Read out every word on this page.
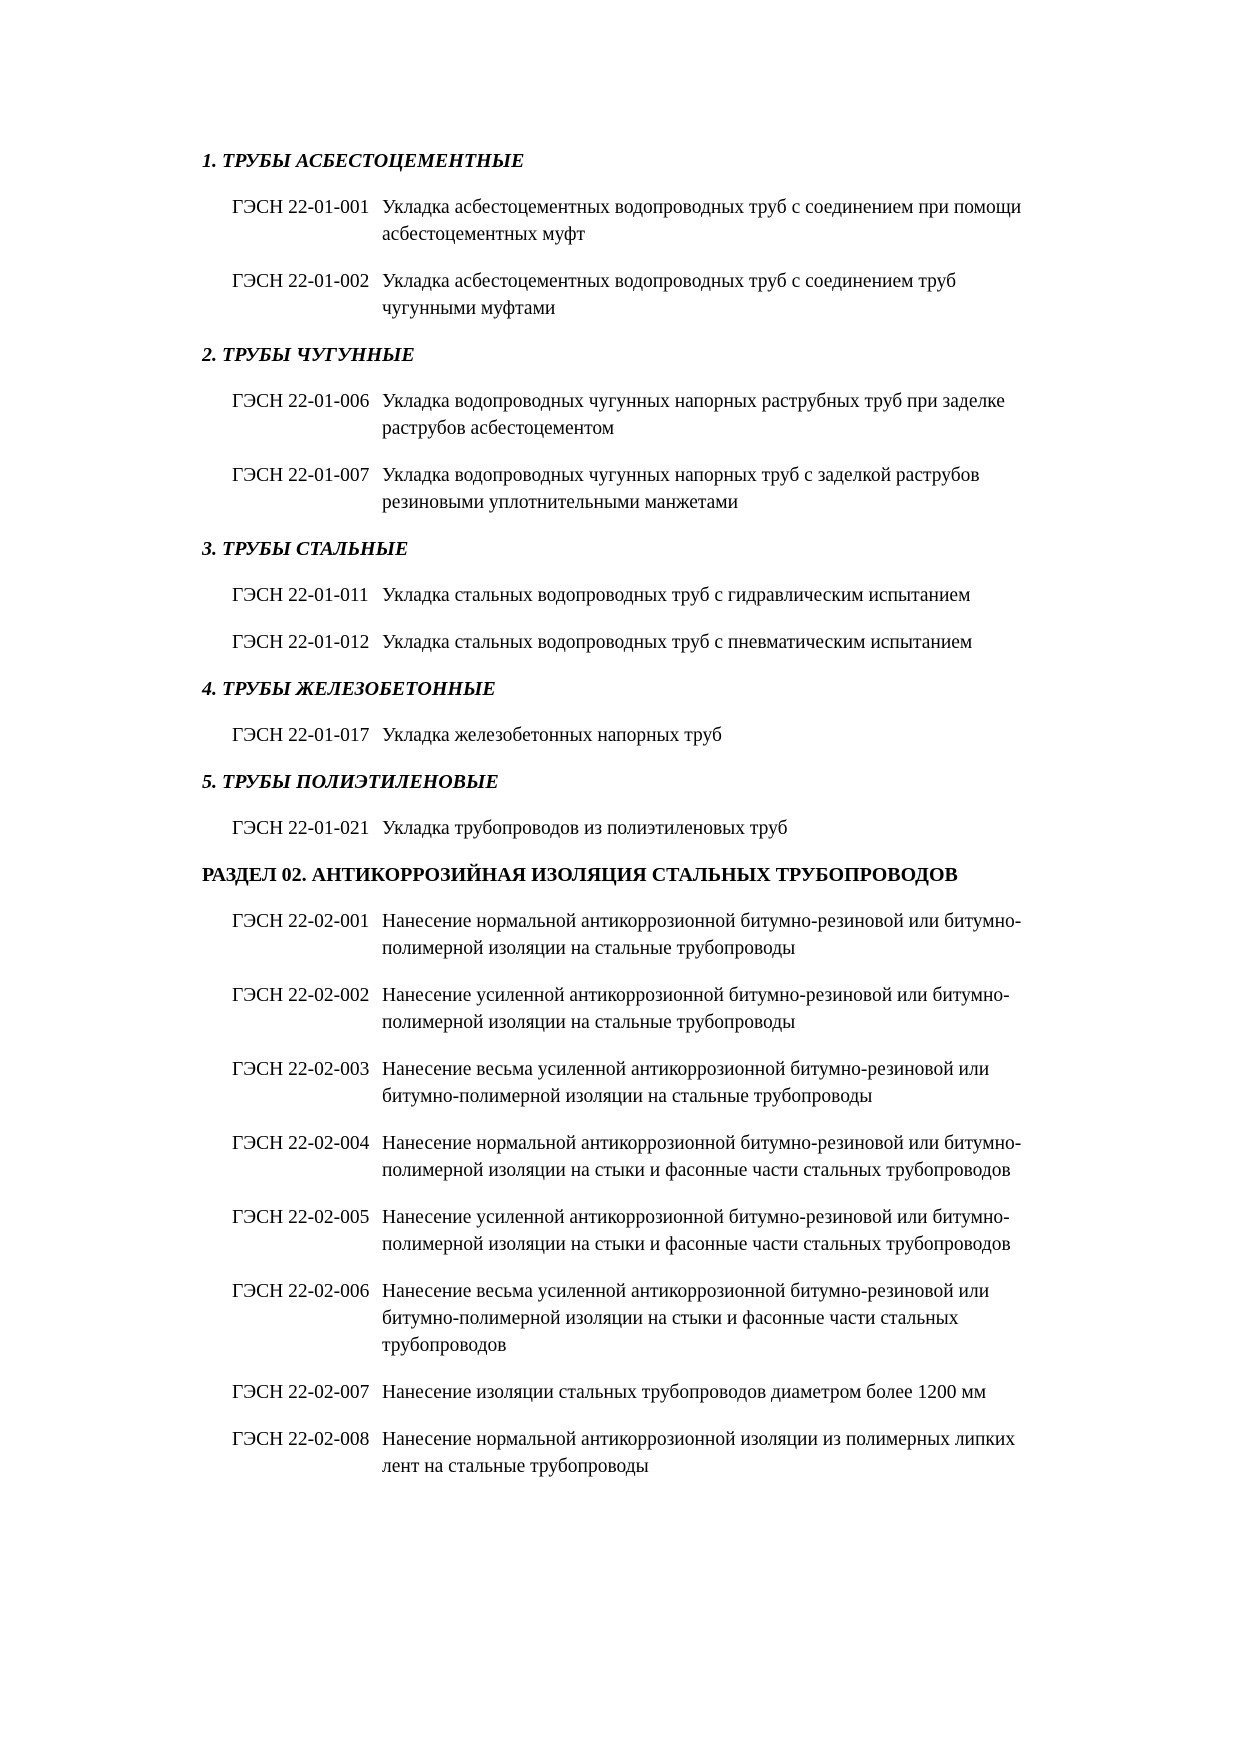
1. ТРУБЫ АСБЕСТОЦЕМЕНТНЫЕ
ГЭСН 22-01-001 Укладка асбестоцементных водопроводных труб с соединением при помощи асбестоцементных муфт
ГЭСН 22-01-002 Укладка асбестоцементных водопроводных труб с соединением труб чугунными муфтами
2. ТРУБЫ ЧУГУННЫЕ
ГЭСН 22-01-006 Укладка водопроводных чугунных напорных раструбных труб при заделке раструбов асбестоцементом
ГЭСН 22-01-007 Укладка водопроводных чугунных напорных труб с заделкой раструбов резиновыми уплотнительными манжетами
3. ТРУБЫ СТАЛЬНЫЕ
ГЭСН 22-01-011 Укладка стальных водопроводных труб с гидравлическим испытанием
ГЭСН 22-01-012 Укладка стальных водопроводных труб с пневматическим испытанием
4. ТРУБЫ ЖЕЛЕЗОБЕТОННЫЕ
ГЭСН 22-01-017 Укладка железобетонных напорных труб
5. ТРУБЫ ПОЛИЭТИЛЕНОВЫЕ
ГЭСН 22-01-021 Укладка трубопроводов из полиэтиленовых труб
РАЗДЕЛ 02. АНТИКОРРОЗИЙНАЯ ИЗОЛЯЦИЯ СТАЛЬНЫХ ТРУБОПРОВОДОВ
ГЭСН 22-02-001 Нанесение нормальной антикоррозионной битумно-резиновой или битумно-полимерной изоляции на стальные трубопроводы
ГЭСН 22-02-002 Нанесение усиленной антикоррозионной битумно-резиновой или битумно-полимерной изоляции на стальные трубопроводы
ГЭСН 22-02-003 Нанесение весьма усиленной антикоррозионной битумно-резиновой или битумно-полимерной изоляции на стальные трубопроводы
ГЭСН 22-02-004 Нанесение нормальной антикоррозионной битумно-резиновой или битумно-полимерной изоляции на стыки и фасонные части стальных трубопроводов
ГЭСН 22-02-005 Нанесение усиленной антикоррозионной битумно-резиновой или битумно-полимерной изоляции на стыки и фасонные части стальных трубопроводов
ГЭСН 22-02-006 Нанесение весьма усиленной антикоррозионной битумно-резиновой или битумно-полимерной изоляции на стыки и фасонные части стальных трубопроводов
ГЭСН 22-02-007 Нанесение изоляции стальных трубопроводов диаметром более 1200 мм
ГЭСН 22-02-008 Нанесение нормальной антикоррозионной изоляции из полимерных липких лент на стальные трубопроводы
